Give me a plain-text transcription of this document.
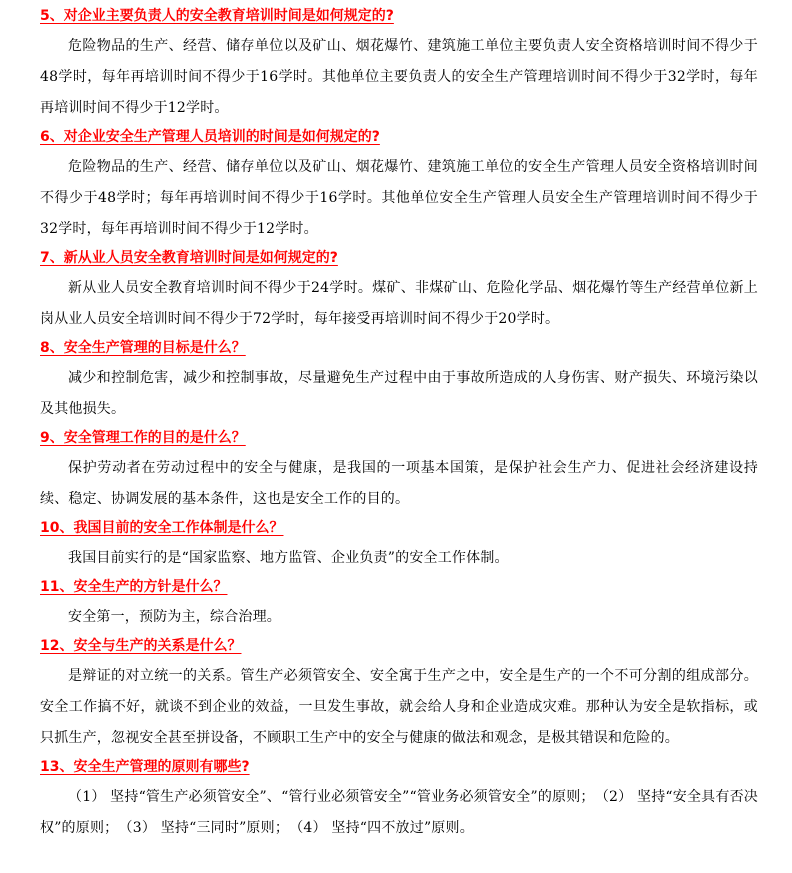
5、对企业主要负责人的安全教育培训时间是如何规定的?
危险物品的生产、经营、储存单位以及矿山、烟花爆竹、建筑施工单位主要负责人安全资格培训时间不得少于48学时，每年再培训时间不得少于16学时。其他单位主要负责人的安全生产管理培训时间不得少于32学时，每年再培训时间不得少于12学时。
6、对企业安全生产管理人员培训的时间是如何规定的?
危险物品的生产、经营、储存单位以及矿山、烟花爆竹、建筑施工单位的安全生产管理人员安全资格培训时间不得少于48学时；每年再培训时间不得少于16学时。其他单位安全生产管理人员安全生产管理培训时间不得少于32学时，每年再培训时间不得少于12学时。
7、新从业人员安全教育培训时间是如何规定的?
新从业人员安全教育培训时间不得少于24学时。煤矿、非煤矿山、危险化学品、烟花爆竹等生产经营单位新上岗从业人员安全培训时间不得少于72学时，每年接受再培训时间不得少于20学时。
8、安全生产管理的目标是什么？
减少和控制危害，减少和控制事故，尽量避免生产过程中由于事故所造成的人身伤害、财产损失、环境污染以及其他损失。
9、安全管理工作的目的是什么？
保护劳动者在劳动过程中的安全与健康，是我国的一项基本国策，是保护社会生产力、促进社会经济建设持续、稳定、协调发展的基本条件，这也是安全工作的目的。
10、我国目前的安全工作体制是什么？
我国目前实行的是“国家监察、地方监管、企业负责”的安全工作体制。
11、安全生产的方针是什么？
安全第一，预防为主，综合治理。
12、安全与生产的关系是什么？
是辩证的对立统一的关系。管生产必须管安全、安全寓于生产之中，安全是生产的一个不可分割的组成部分。安全工作搞不好，就谈不到企业的效益，一旦发生事故，就会给人身和企业造成灾难。那种认为安全是软指标，或只抓生产，忽视安全甚至拼设备，不顾职工生产中的安全与健康的做法和观念，是极其错误和危险的。
13、安全生产管理的原则有哪些?
（1） 坚持“管生产必须管安全”、“管行业必须管安全”“管业务必须管安全”的原则；　（2） 坚持“安全具有否决权”的原则；　（3） 坚持“三同时”原则；　（4） 坚持“四不放过”原则。
